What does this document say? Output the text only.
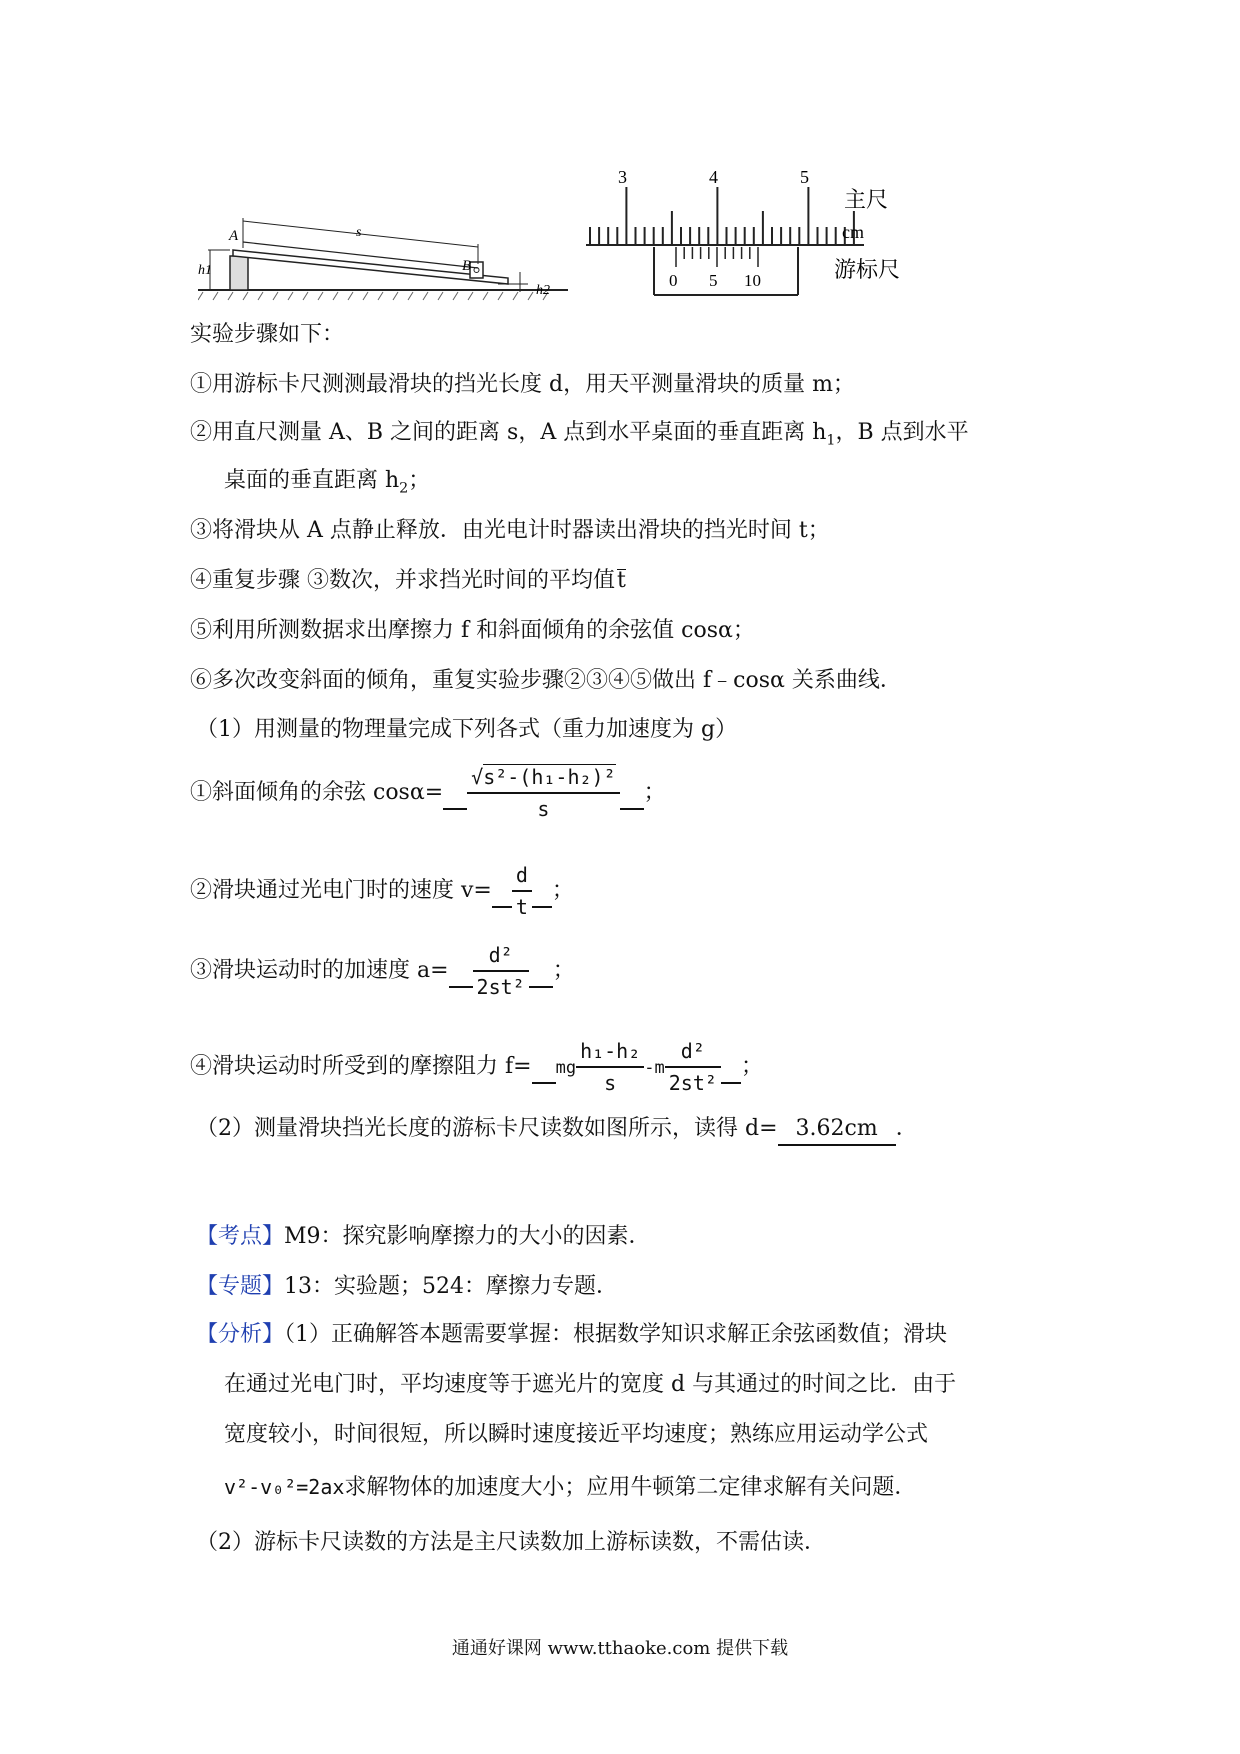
A
B
s
h1
h2
3	4	5
0 5 10
主尺
cm
游标尺
实验步骤如下：
①用游标卡尺测测最滑块的挡光长度 d，用天平测量滑块的质量 m；
②用直尺测量 A、B 之间的距离 s，A 点到水平桌面的垂直距离 $h_1$，B 点到水平
桌面的垂直距离 $h_2$；
③将滑块从 A 点静止释放．由光电计时器读出滑块的挡光时间 t；
④重复步骤 ③数次，并求挡光时间的平均值t
⑤利用所测数据求出摩擦力 f 和斜面倾角的余弦值 cosα；
⑥多次改变斜面的倾角，重复实验步骤②③④⑤做出 f﹣cosα 关系曲线．
（1）用测量的物理量完成下列各式（重力加速度为 g）
①斜面倾角的余弦 $\cos\alpha= \frac{\text{√s²-(h₁-h₂)²}}{s}$ ；
②滑块通过光电门时的速度 $v= \frac{d}{t}$ ；
③滑块运动时的加速度 $a= \frac{\text{d²}}{\text{2st²}}$ ；
④滑块运动时所受到的摩擦阻力 f= mg $\frac{\text{h₁-h₂}}{s} -m \frac{\text{d²}}{\text{2st²}}$ ；
（2）测量滑块挡光长度的游标卡尺读数如图所示，读得 d= 3.62cm ．
【考点】M9：探究影响摩擦力的大小的因素．
【专题】13：实验题；524：摩擦力专题．
【分析】（1）正确解答本题需要掌握：根据数学知识求解正余弦函数值；滑块
在通过光电门时，平均速度等于遮光片的宽度 d 与其通过的时间之比．由于
宽度较小，时间很短，所以瞬时速度接近平均速度；熟练应用运动学公式
v²-v₀²=2ax求解物体的加速度大小；应用牛顿第二定律求解有关问题．
（2）游标卡尺读数的方法是主尺读数加上游标读数，不需估读．
通通好课网 www.tthaoke.com 提供下载
